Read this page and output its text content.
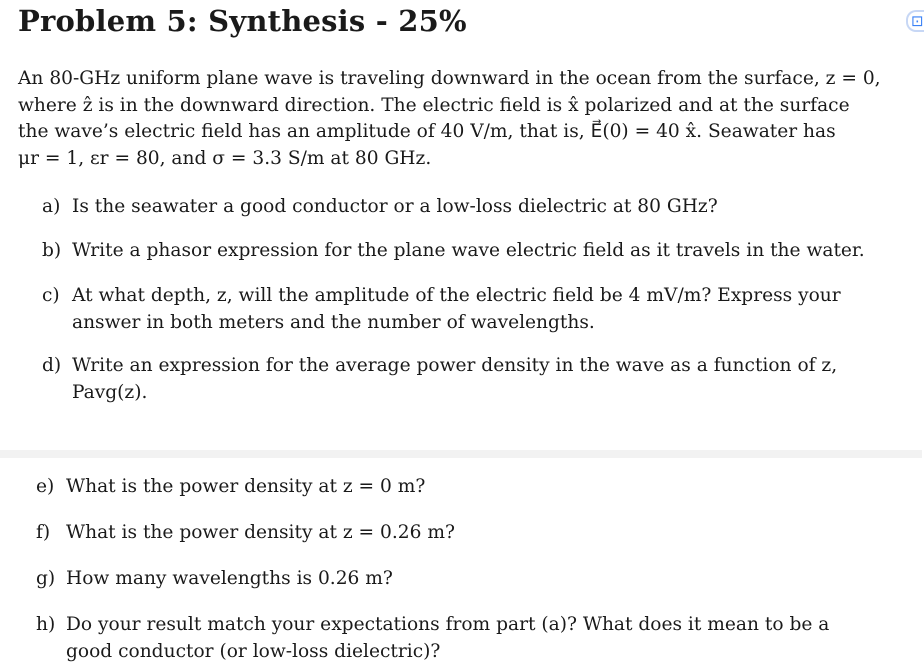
Problem 5: Synthesis - 25%	⊡

An 80-GHz uniform plane wave is traveling downward in the ocean from the surface, z = 0,

where ẑ is in the downward direction. The electric field is x̂ polarized and at the surface

the wave’s electric field has an amplitude of 40 V/m, that is, E⃗(0) = 40 x̂. Seawater has

μr = 1, εr = 80, and σ = 3.3 S/m at 80 GHz.

a) Is the seawater a good conductor or a low-loss dielectric at 80 GHz?
b) Write a phasor expression for the plane wave electric field as it travels in the water.
c) At what depth, z, will the amplitude of the electric field be 4 mV/m? Express your
answer in both meters and the number of wavelengths.
d) Write an expression for the average power density in the wave as a function of z,
Pavg(z).
e) What is the power density at z = 0 m?
f) What is the power density at z = 0.26 m?
g) How many wavelengths is 0.26 m?
h) Do your result match your expectations from part (a)? What does it mean to be a
good conductor (or low-loss dielectric)?
